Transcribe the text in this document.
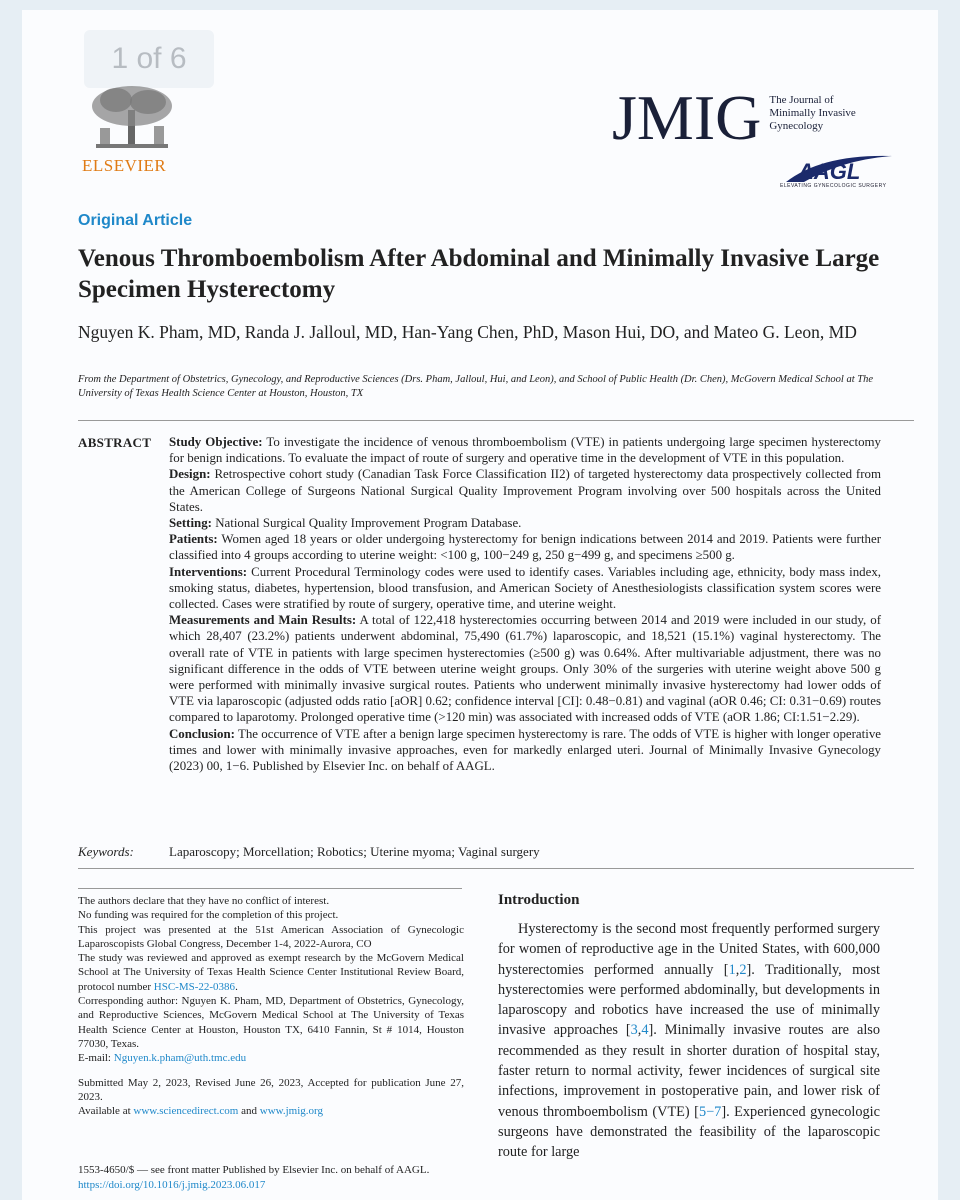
1 of 6
ELSEVIER
JMIG The Journal of
Minimally Invasive
Gynecology
AAGL
ELEVATING GYNECOLOGIC SURGERY
Original Article
Venous Thromboembolism After Abdominal and Minimally Invasive Large Specimen Hysterectomy
Nguyen K. Pham, MD, Randa J. Jalloul, MD, Han-Yang Chen, PhD, Mason Hui, DO, and Mateo G. Leon, MD
From the Department of Obstetrics, Gynecology, and Reproductive Sciences (Drs. Pham, Jalloul, Hui, and Leon), and School of Public Health (Dr. Chen), McGovern Medical School at The University of Texas Health Science Center at Houston, Houston, TX
ABSTRACT Study Objective: To investigate the incidence of venous thromboembolism (VTE) in patients undergoing large specimen hysterectomy for benign indications. To evaluate the impact of route of surgery and operative time in the development of VTE in this population.

Design: Retrospective cohort study (Canadian Task Force Classification II2) of targeted hysterectomy data prospectively collected from the American College of Surgeons National Surgical Quality Improvement Program involving over 500 hospitals across the United States.

Setting: National Surgical Quality Improvement Program Database.

Patients: Women aged 18 years or older undergoing hysterectomy for benign indications between 2014 and 2019. Patients were further classified into 4 groups according to uterine weight: <100 g, 100−249 g, 250 g−499 g, and specimens ≥500 g.

Interventions: Current Procedural Terminology codes were used to identify cases. Variables including age, ethnicity, body mass index, smoking status, diabetes, hypertension, blood transfusion, and American Society of Anesthesiologists classification system scores were collected. Cases were stratified by route of surgery, operative time, and uterine weight.

Measurements and Main Results: A total of 122,418 hysterectomies occurring between 2014 and 2019 were included in our study, of which 28,407 (23.2%) patients underwent abdominal, 75,490 (61.7%) laparoscopic, and 18,521 (15.1%) vaginal hysterectomy. The overall rate of VTE in patients with large specimen hysterectomies (≥500 g) was 0.64%. After multivariable adjustment, there was no significant difference in the odds of VTE between uterine weight groups. Only 30% of the surgeries with uterine weight above 500 g were performed with minimally invasive surgical routes. Patients who underwent minimally invasive hysterectomy had lower odds of VTE via laparoscopic (adjusted odds ratio [aOR] 0.62; confidence interval [CI]: 0.48−0.81) and vaginal (aOR 0.46; CI: 0.31−0.69) routes compared to laparotomy. Prolonged operative time (>120 min) was associated with increased odds of VTE (aOR 1.86; CI:1.51−2.29).

Conclusion: The occurrence of VTE after a benign large specimen hysterectomy is rare. The odds of VTE is higher with longer operative times and lower with minimally invasive approaches, even for markedly enlarged uteri. Journal of Minimally Invasive Gynecology (2023) 00, 1−6. Published by Elsevier Inc. on behalf of AAGL.

Keywords:	Laparoscopy; Morcellation; Robotics; Uterine myoma; Vaginal surgery

The authors declare that they have no conflict of interest.

No funding was required for the completion of this project.

This project was presented at the 51st American Association of Gynecologic Laparoscopists Global Congress, December 1-4, 2022-Aurora, CO

The study was reviewed and approved as exempt research by the McGovern Medical School at The University of Texas Health Science Center Institutional Review Board, protocol number HSC-MS-22-0386.

Corresponding author: Nguyen K. Pham, MD, Department of Obstetrics, Gynecology, and Reproductive Sciences, McGovern Medical School at The University of Texas Health Science Center at Houston, Houston TX, 6410 Fannin, St # 1014, Houston 77030, Texas.

E-mail: Nguyen.k.pham@uth.tmc.edu

Submitted May 2, 2023, Revised June 26, 2023, Accepted for publication June 27, 2023.

Available at www.sciencedirect.com and www.jmig.org

1553-4650/$ — see front matter Published by Elsevier Inc. on behalf of AAGL.
https://doi.org/10.1016/j.jmig.2023.06.017
Introduction

Hysterectomy is the second most frequently performed surgery for women of reproductive age in the United States, with 600,000 hysterectomies performed annually [1,2]. Traditionally, most hysterectomies were performed abdominally, but developments in laparoscopy and robotics have increased the use of minimally invasive approaches [3,4]. Minimally invasive routes are also recommended as they result in shorter duration of hospital stay, faster return to normal activity, fewer incidences of surgical site infections, improvement in postoperative pain, and lower risk of venous thromboembolism (VTE) [5−7]. Experienced gynecologic surgeons have demonstrated the feasibility of the laparoscopic route for large
